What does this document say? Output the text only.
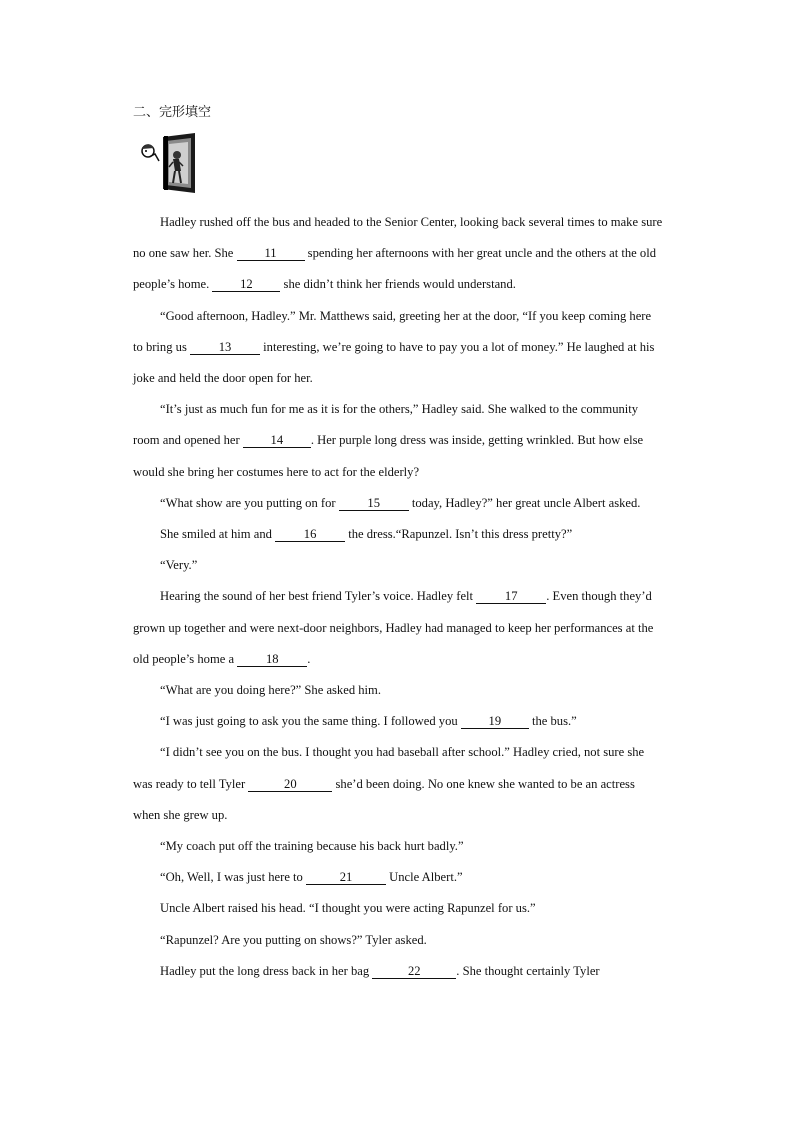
二、完形填空

Hadley rushed off the bus and headed to the Senior Center, looking back several times to make sure no one saw her. She 11 spending her afternoons with her great uncle and the others at the old people’s home. 12 she didn’t think her friends would understand.

“Good afternoon, Hadley.” Mr. Matthews said, greeting her at the door, “If you keep coming here to bring us 13 interesting, we’re going to have to pay you a lot of money.” He laughed at his joke and held the door open for her.

“It’s just as much fun for me as it is for the others,” Hadley said. She walked to the community room and opened her 14 . Her purple long dress was inside, getting wrinkled. But how else would she bring her costumes here to act for the elderly?

“What show are you putting on for 15 today, Hadley?” her great uncle Albert asked.

She smiled at him and 16 the dress.“Rapunzel. Isn’t this dress pretty?”

“Very.”

Hearing the sound of her best friend Tyler’s voice. Hadley felt 17 . Even though they’d grown up together and were next-door neighbors, Hadley had managed to keep her performances at the old people’s home a 18 .

“What are you doing here?” She asked him.

“I was just going to ask you the same thing. I followed you 19 the bus.”

“I didn’t see you on the bus. I thought you had baseball after school.” Hadley cried, not sure she was ready to tell Tyler	20	she’d been doing. No one knew she wanted to be an actress when she grew up.

“My coach put off the training because his back hurt badly.”

“Oh, Well, I was just here to	21	Uncle Albert.”

Uncle Albert raised his head. “I thought you were acting Rapunzel for us.”

“Rapunzel? Are you putting on shows?” Tyler asked.

Hadley put the long dress back in her bag	22	. She thought certainly Tyler
